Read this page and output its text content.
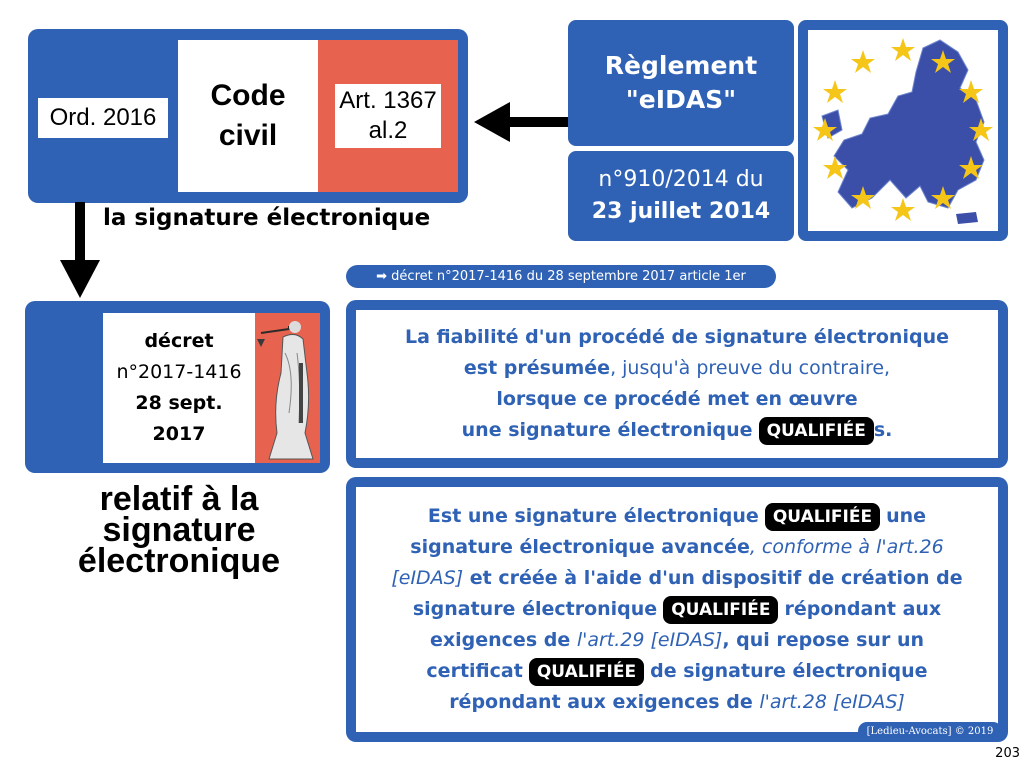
Ord. 2016
Code
civil
Art. 1367
al.2
la signature électronique
Règlement
"eIDAS"
n°910/2014 du
23 juillet 2014
➡ décret n°2017-1416 du 28 septembre 2017 article 1er
décret
n°2017-1416
28 sept.
2017
relatif à la
signature
électronique
La fiabilité d'un procédé de signature électronique
est présumée, jusqu'à preuve du contraire,
lorsque ce procédé met en œuvre
une signature électronique QUALIFIÉE s.
Est une signature électronique QUALIFIÉE une
signature électronique avancée, conforme à l'art.26
[eIDAS] et créée à l'aide d'un dispositif de création de
signature électronique QUALIFIÉE répondant aux
exigences de l'art.29 [eIDAS], qui repose sur un
certificat QUALIFIÉE de signature électronique
répondant aux exigences de l'art.28 [eIDAS]
[Ledieu-Avocats] © 2019
203
